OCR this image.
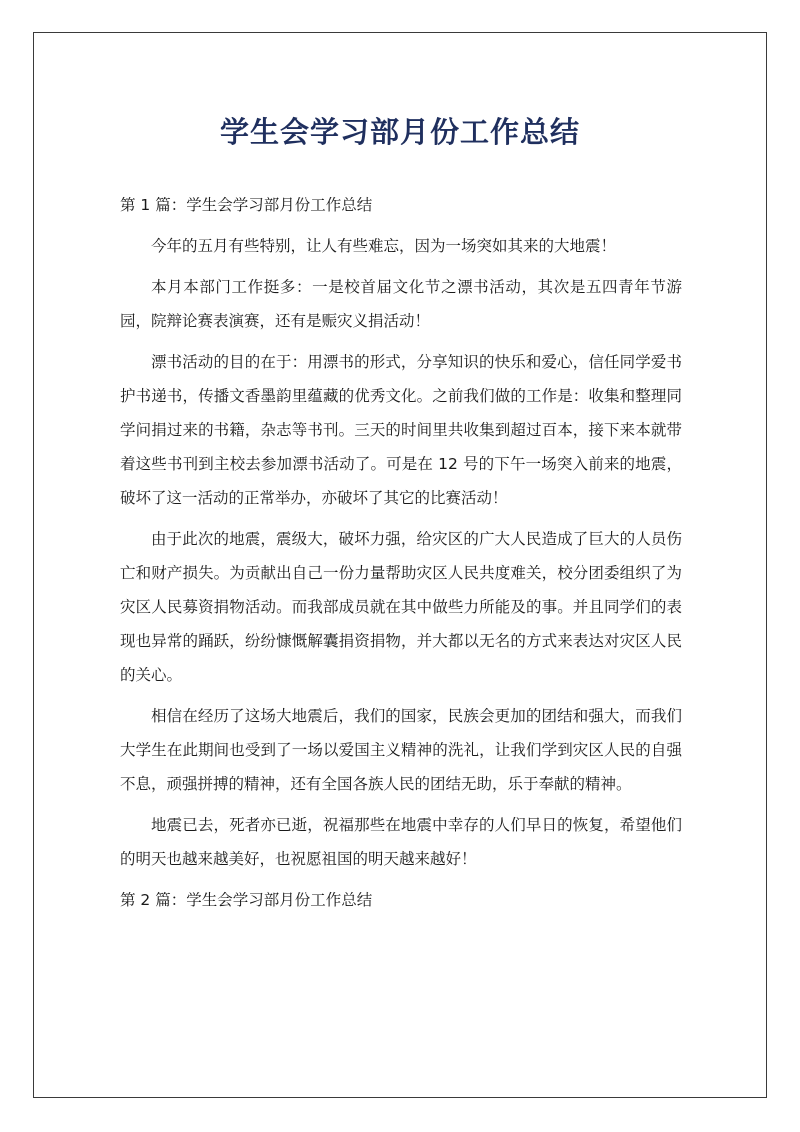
学生会学习部月份工作总结

第 1 篇：学生会学习部月份工作总结

今年的五月有些特别，让人有些难忘，因为一场突如其来的大地震！

本月本部门工作挺多：一是校首届文化节之漂书活动，其次是五四青年节游园，院辩论赛表演赛，还有是赈灾义捐活动！

漂书活动的目的在于：用漂书的形式，分享知识的快乐和爱心，信任同学爱书护书递书，传播文香墨韵里蕴藏的优秀文化。之前我们做的工作是：收集和整理同学问捐过来的书籍，杂志等书刊。三天的时间里共收集到超过百本，接下来本就带着这些书刊到主校去参加漂书活动了。可是在 12 号的下午一场突入前来的地震，破坏了这一活动的正常举办，亦破坏了其它的比赛活动！

由于此次的地震，震级大，破坏力强，给灾区的广大人民造成了巨大的人员伤亡和财产损失。为贡献出自己一份力量帮助灾区人民共度难关，校分团委组织了为灾区人民募资捐物活动。而我部成员就在其中做些力所能及的事。并且同学们的表现也异常的踊跃，纷纷慷慨解囊捐资捐物，并大都以无名的方式来表达对灾区人民的关心。

相信在经历了这场大地震后，我们的国家，民族会更加的团结和强大，而我们大学生在此期间也受到了一场以爱国主义精神的洗礼，让我们学到灾区人民的自强不息，顽强拼搏的精神，还有全国各族人民的团结无助，乐于奉献的精神。

地震已去，死者亦已逝，祝福那些在地震中幸存的人们早日的恢复，希望他们的明天也越来越美好，也祝愿祖国的明天越来越好！

第 2 篇：学生会学习部月份工作总结
